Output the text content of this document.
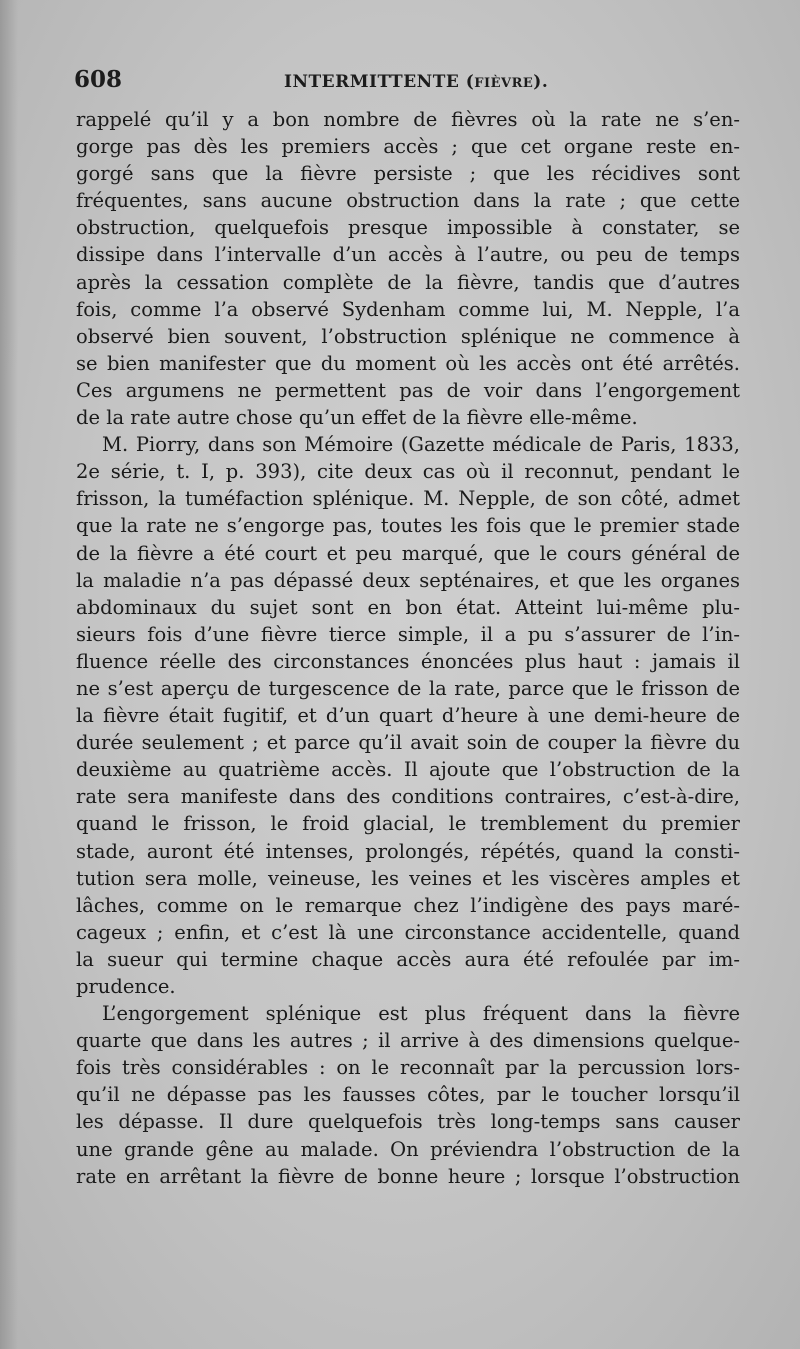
608	INTERMITTENTE (FIÈVRE).
rappelé qu’il y a bon nombre de fièvres où la rate ne s’en-
gorge pas dès les premiers accès ; que cet organe reste en-
gorgé sans que la fièvre persiste ; que les récidives sont
fréquentes, sans aucune obstruction dans la rate ; que cette
obstruction, quelquefois presque impossible à constater, se
dissipe dans l’intervalle d’un accès à l’autre, ou peu de temps
après la cessation complète de la fièvre, tandis que d’autres
fois, comme l’a observé Sydenham comme lui, M. Nepple, l’a
observé bien souvent, l’obstruction splénique ne commence à
se bien manifester que du moment où les accès ont été arrêtés.
Ces argumens ne permettent pas de voir dans l’engorgement
de la rate autre chose qu’un effet de la fièvre elle-même.
M. Piorry, dans son Mémoire (Gazette médicale de Paris, 1833,
2e série, t. I, p. 393), cite deux cas où il reconnut, pendant le
frisson, la tuméfaction splénique. M. Nepple, de son côté, admet
que la rate ne s’engorge pas, toutes les fois que le premier stade
de la fièvre a été court et peu marqué, que le cours général de
la maladie n’a pas dépassé deux septénaires, et que les organes
abdominaux du sujet sont en bon état. Atteint lui-même plu-
sieurs fois d’une fièvre tierce simple, il a pu s’assurer de l’in-
fluence réelle des circonstances énoncées plus haut : jamais il
ne s’est aperçu de turgescence de la rate, parce que le frisson de
la fièvre était fugitif, et d’un quart d’heure à une demi-heure de
durée seulement ; et parce qu’il avait soin de couper la fièvre du
deuxième au quatrième accès. Il ajoute que l’obstruction de la
rate sera manifeste dans des conditions contraires, c’est-à-dire,
quand le frisson, le froid glacial, le tremblement du premier
stade, auront été intenses, prolongés, répétés, quand la consti-
tution sera molle, veineuse, les veines et les viscères amples et
lâches, comme on le remarque chez l’indigène des pays maré-
cageux ; enfin, et c’est là une circonstance accidentelle, quand
la sueur qui termine chaque accès aura été refoulée par im-
prudence.
L’engorgement splénique est plus fréquent dans la fièvre
quarte que dans les autres ; il arrive à des dimensions quelque-
fois très considérables : on le reconnaît par la percussion lors-
qu’il ne dépasse pas les fausses côtes, par le toucher lorsqu’il
les dépasse. Il dure quelquefois très long-temps sans causer
une grande gêne au malade. On préviendra l’obstruction de la
rate en arrêtant la fièvre de bonne heure ; lorsque l’obstruction
